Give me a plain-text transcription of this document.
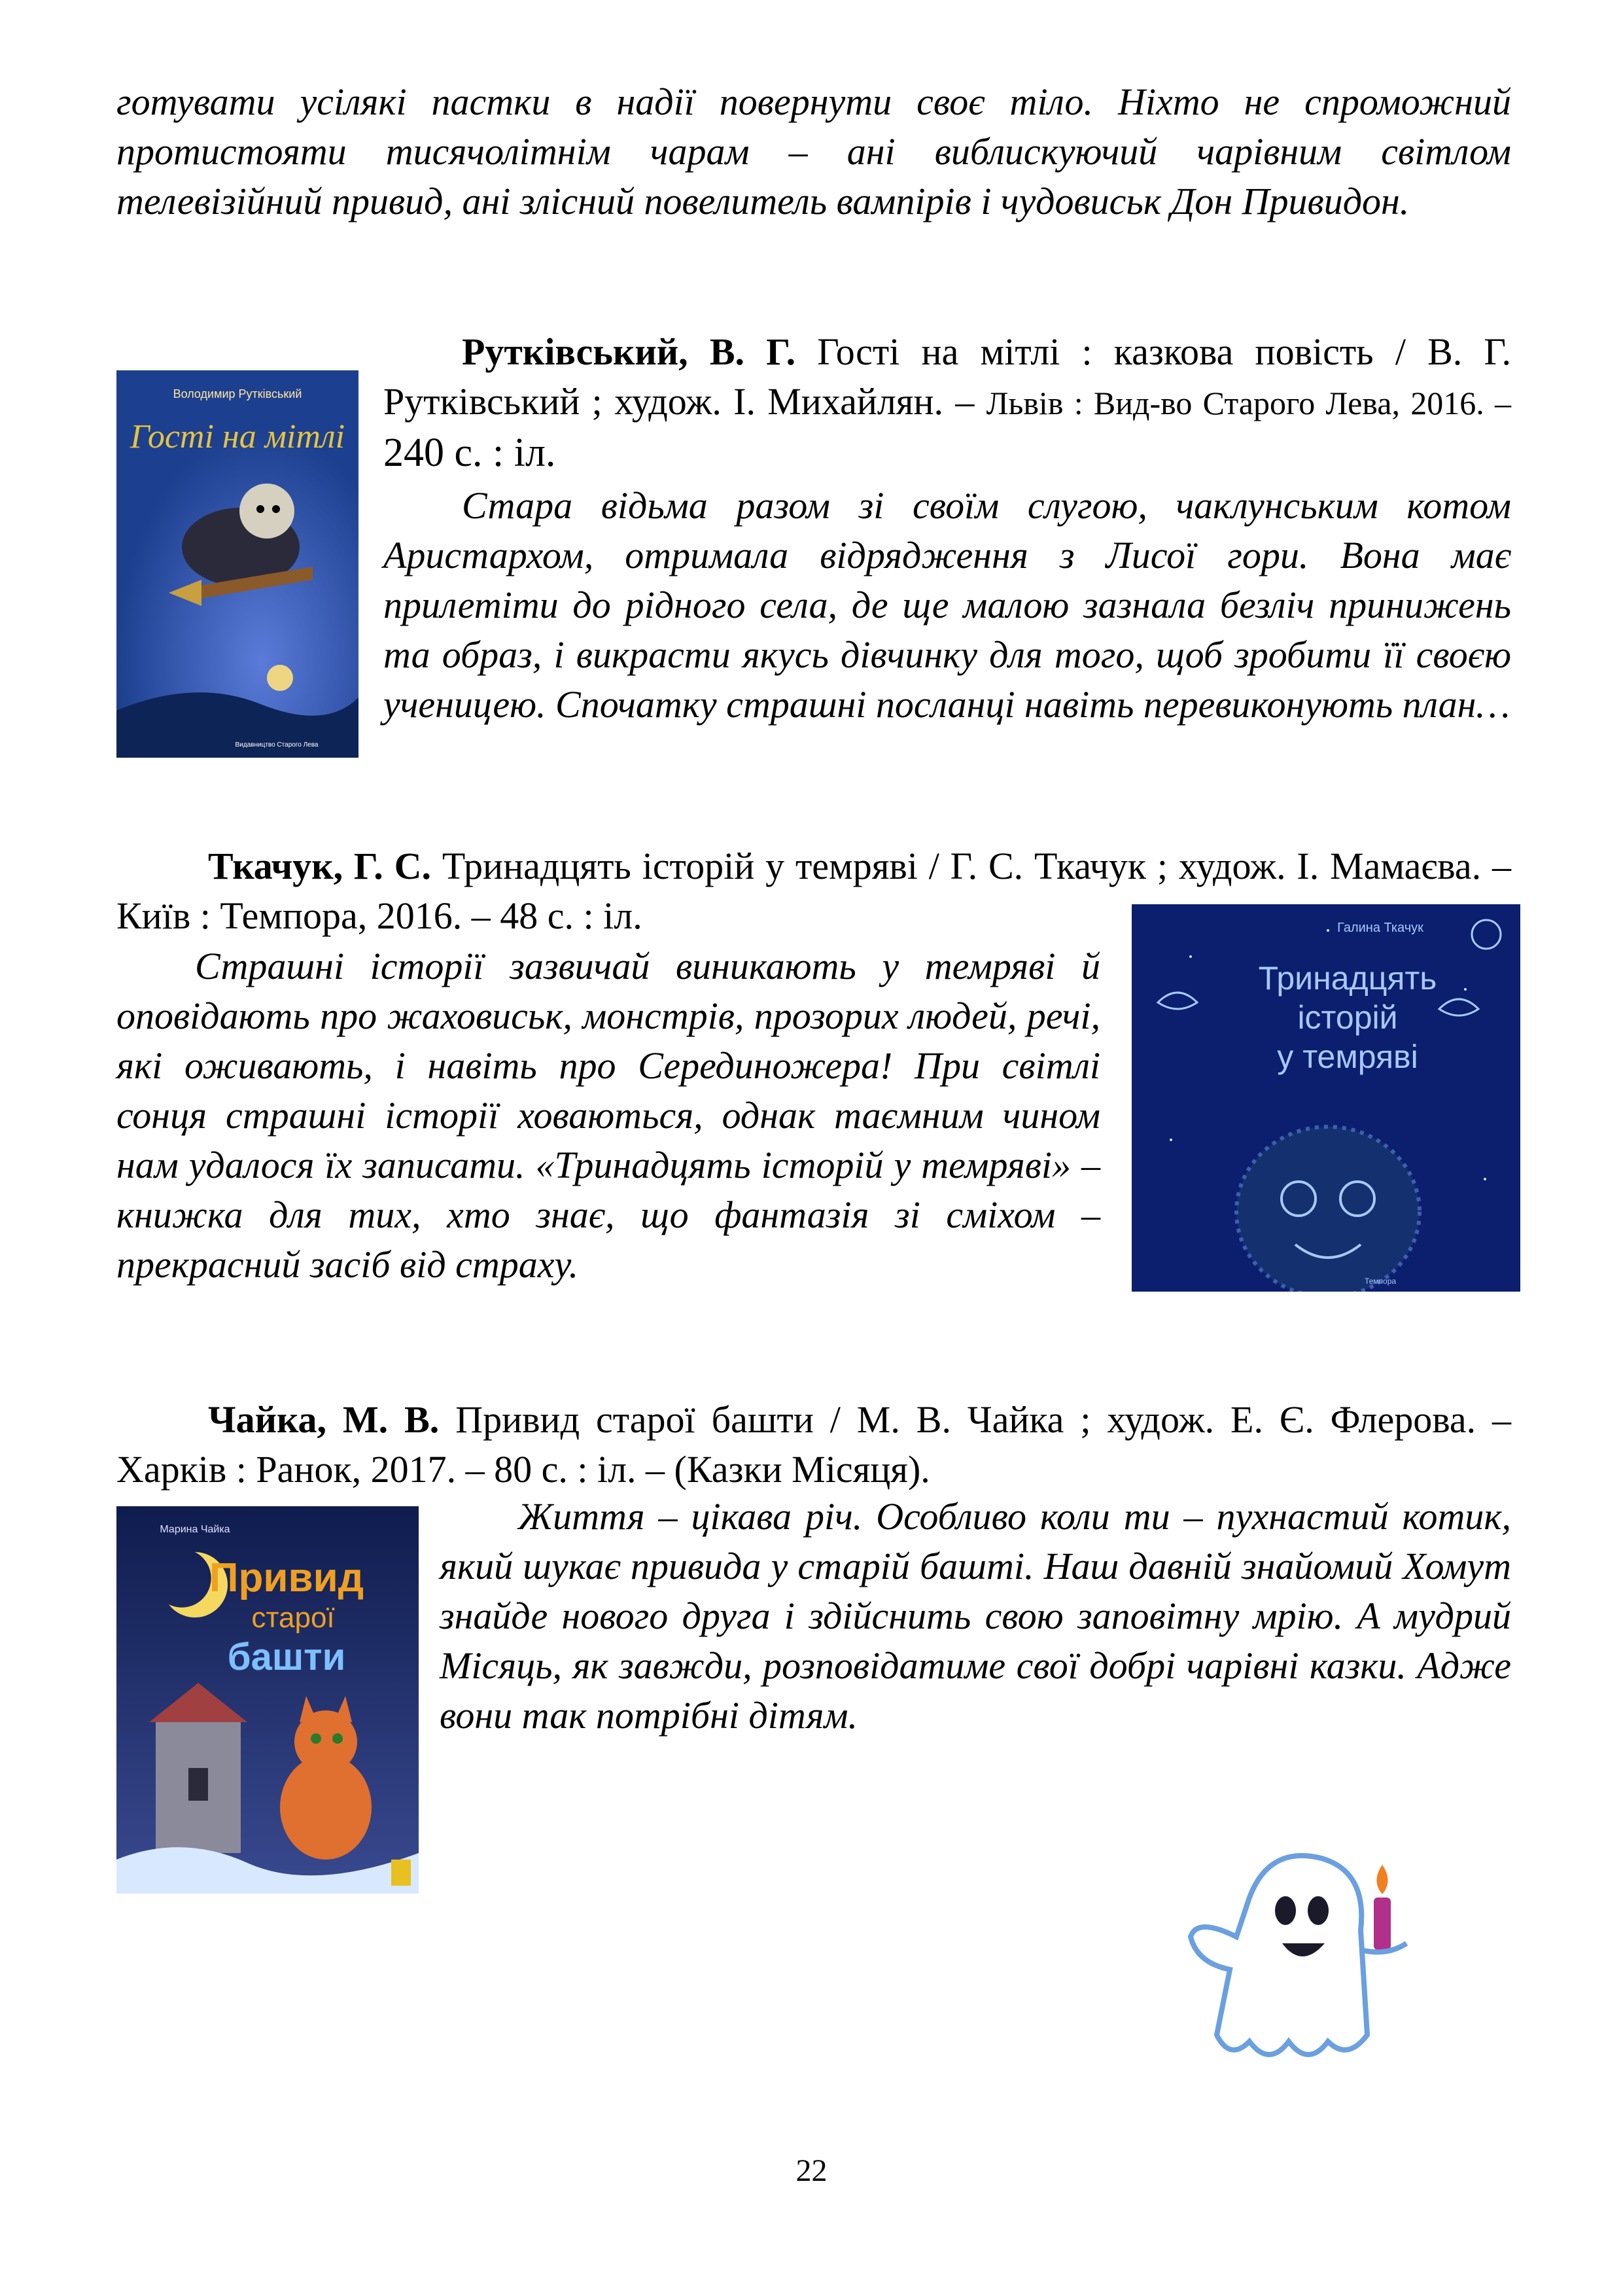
готувати усілякі пастки в надії повернути своє тіло. Ніхто не спроможний протистояти тисячолітнім чарам – ані виблискуючий чарівним світлом телевізійний привид, ані злісний повелитель вампірів і чудовиськ Дон Привидон.
Володимир Рутківський
Гості на мітлі
Видавництво Старого Лева
Рутківський, В. Г. Гості на мітлі : казкова повість / В. Г. Рутківський ; худож. І. Михайлян. – Львів : Вид-во Старого Лева, 2016. – 240 с. : іл.
Стара відьма разом зі своїм слугою, чаклунським котом Аристархом, отримала відрядження з Лисої гори. Вона має прилетіти до рідного села, де ще малою зазнала безліч принижень та образ, і викрасти якусь дівчинку для того, щоб зробити її своєю ученицею. Спочатку страшні посланці навіть перевиконують план…
Ткачук, Г. С. Тринадцять історій у темряві / Г. С. Ткачук ; худож. І. Мамаєва. – Київ : Темпора, 2016. – 48 с. : іл.	Галина Ткачук
Тринадцять
історій
у темряві
Темпора
Страшні історії зазвичай виникають у темряві й оповідають про жаховиськ, монстрів, прозорих людей, речі, які оживають, і навіть про Серединожера! При світлі сонця страшні історії ховаються, однак таємним чином нам удалося їх записати. «Тринадцять історій у темряві» – книжка для тих, хто знає, що фантазія зі сміхом – прекрасний засіб від страху.
Чайка, М. В. Привид старої башти / М. В. Чайка ; худож. Е. Є. Флерова. – Харків : Ранок, 2017. – 80 с. : іл. – (Казки Місяця).
Марина Чайка
Привид
старої
башти
Життя – цікава річ. Особливо коли ти – пухнастий котик, який шукає привида у старій башті. Наш давній знайомий Хомут знайде нового друга і здійснить свою заповітну мрію. А мудрий Місяць, як завжди, розповідатиме свої добрі чарівні казки. Адже вони так потрібні дітям.
22
